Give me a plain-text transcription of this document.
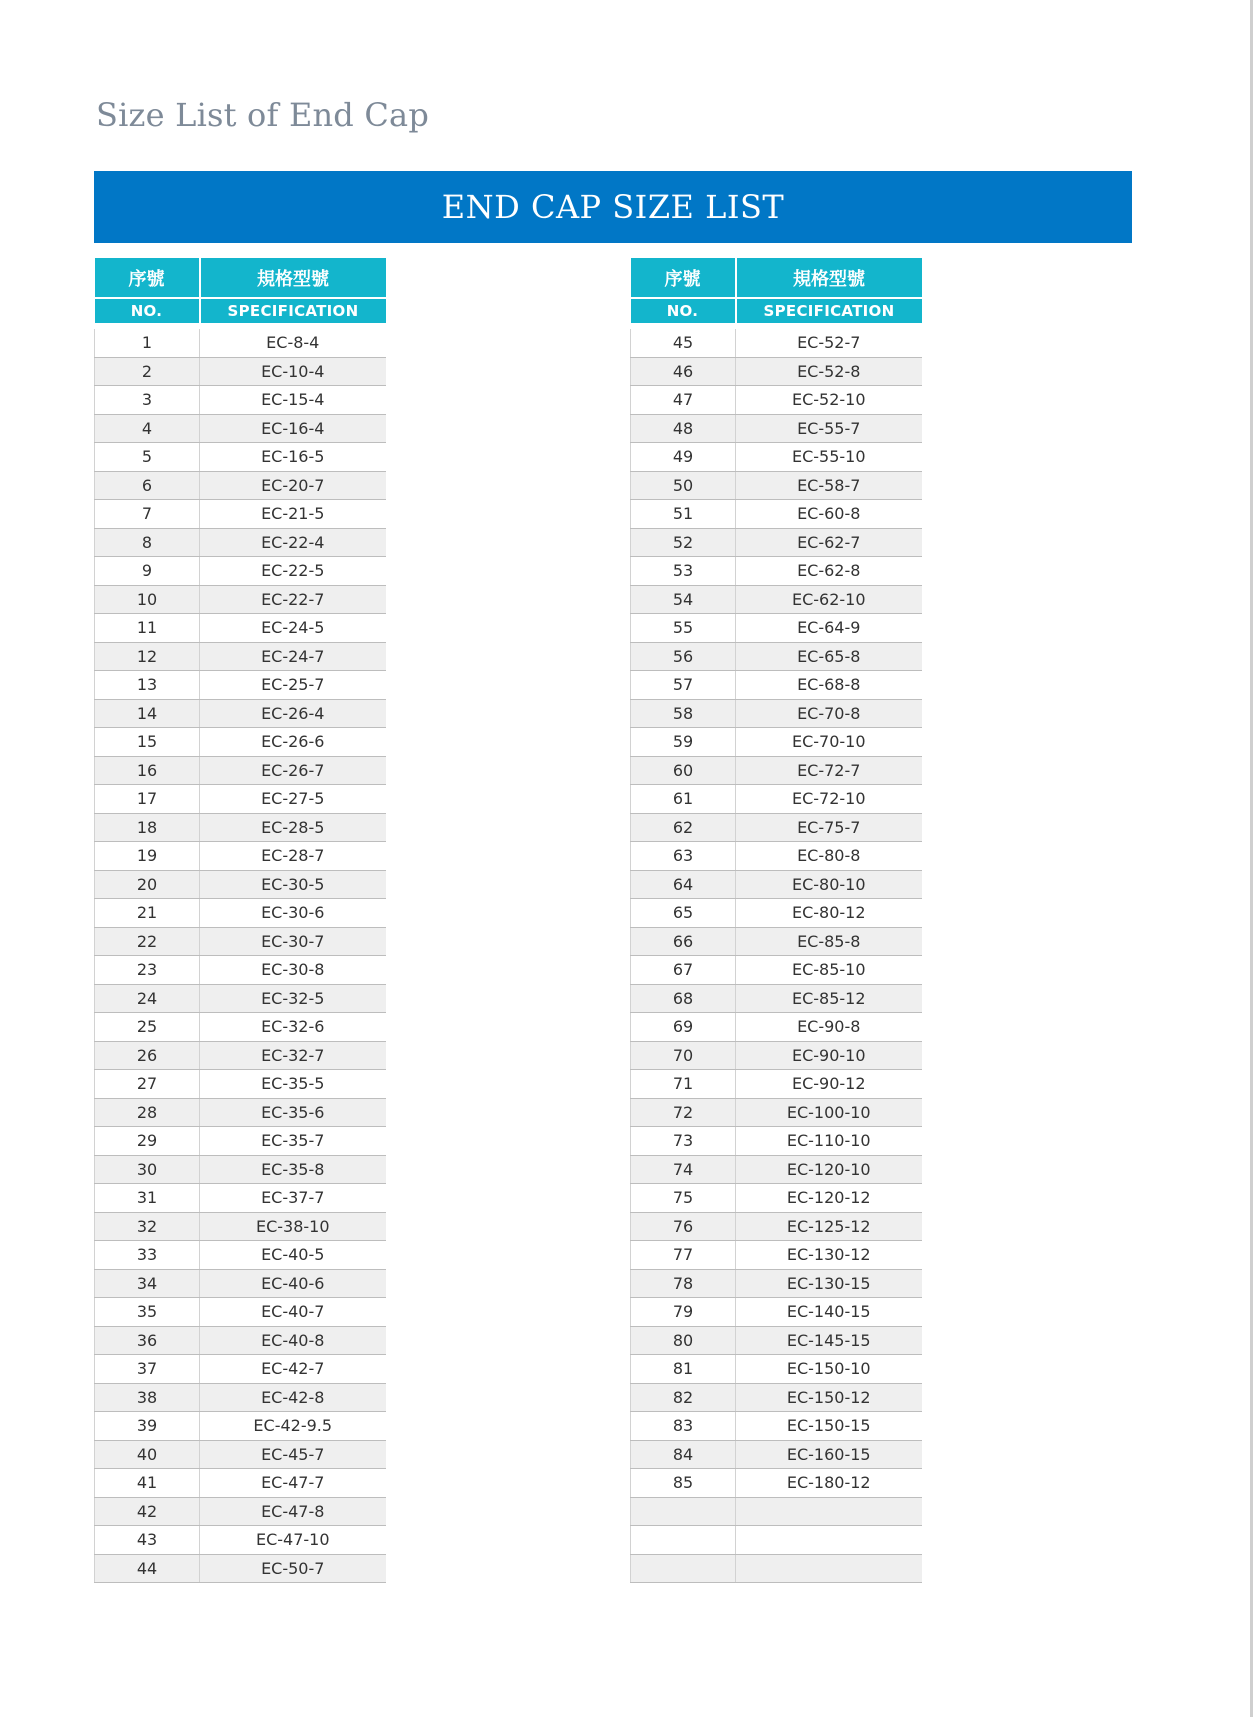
Size List of End Cap
END CAP SIZE LIST
序號	規格型號
NO.	SPECIFICATION

1	EC-8-4
2	EC-10-4
3	EC-15-4
4	EC-16-4
5	EC-16-5
6	EC-20-7
7	EC-21-5
8	EC-22-4
9	EC-22-5
10	EC-22-7
11	EC-24-5
12	EC-24-7
13	EC-25-7
14	EC-26-4
15	EC-26-6
16	EC-26-7
17	EC-27-5
18	EC-28-5
19	EC-28-7
20	EC-30-5
21	EC-30-6
22	EC-30-7
23	EC-30-8
24	EC-32-5
25	EC-32-6
26	EC-32-7
27	EC-35-5
28	EC-35-6
29	EC-35-7
30	EC-35-8
31	EC-37-7
32	EC-38-10
33	EC-40-5
34	EC-40-6
35	EC-40-7
36	EC-40-8
37	EC-42-7
38	EC-42-8
39	EC-42-9.5
40	EC-45-7
41	EC-47-7
42	EC-47-8
43	EC-47-10
44	EC-50-7
序號	規格型號
NO.	SPECIFICATION

45	EC-52-7
46	EC-52-8
47	EC-52-10
48	EC-55-7
49	EC-55-10
50	EC-58-7
51	EC-60-8
52	EC-62-7
53	EC-62-8
54	EC-62-10
55	EC-64-9
56	EC-65-8
57	EC-68-8
58	EC-70-8
59	EC-70-10
60	EC-72-7
61	EC-72-10
62	EC-75-7
63	EC-80-8
64	EC-80-10
65	EC-80-12
66	EC-85-8
67	EC-85-10
68	EC-85-12
69	EC-90-8
70	EC-90-10
71	EC-90-12
72	EC-100-10
73	EC-110-10
74	EC-120-10
75	EC-120-12
76	EC-125-12
77	EC-130-12
78	EC-130-15
79	EC-140-15
80	EC-145-15
81	EC-150-10
82	EC-150-12
83	EC-150-15
84	EC-160-15
85	EC-180-12
